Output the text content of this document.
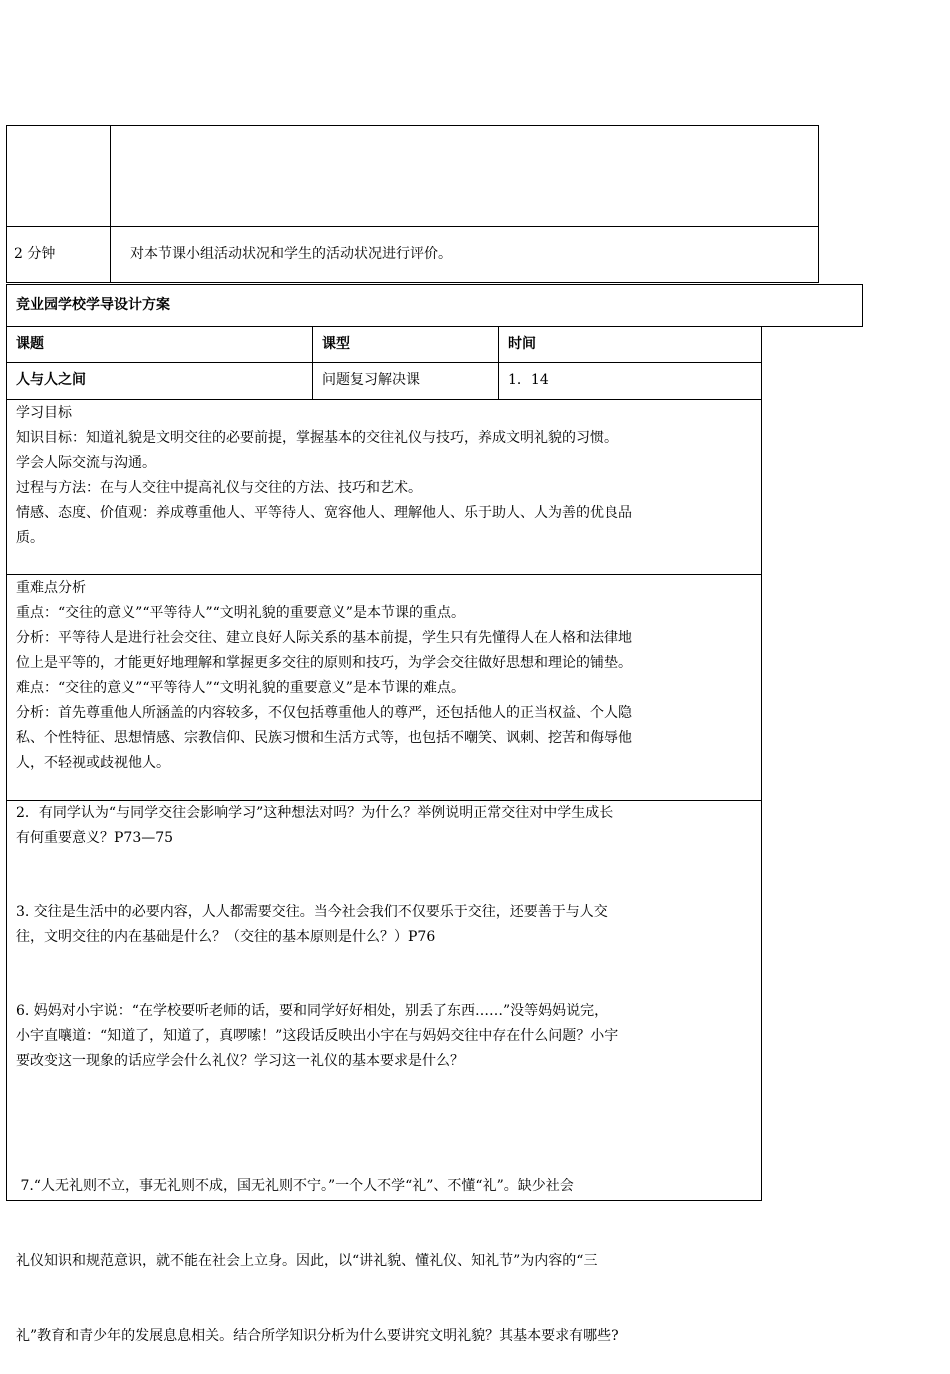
2 分钟	对本节课小组活动状况和学生的活动状况进行评价。
竞业园学校学导设计方案
课题	课型	时间
人与人之间	问题复习解决课	1．14
学习目标
知识目标：知道礼貌是文明交往的必要前提，掌握基本的交往礼仪与技巧，养成文明礼貌的习惯。
学会人际交流与沟通。
过程与方法：在与人交往中提高礼仪与交往的方法、技巧和艺术。
情感、态度、价值观：养成尊重他人、平等待人、宽容他人、理解他人、乐于助人、人为善的优良品
质。
重难点分析
重点：“交往的意义”“平等待人”“文明礼貌的重要意义”是本节课的重点。
分析：平等待人是进行社会交往、建立良好人际关系的基本前提，学生只有先懂得人在人格和法律地
位上是平等的，才能更好地理解和掌握更多交往的原则和技巧，为学会交往做好思想和理论的铺垫。
难点：“交往的意义”“平等待人”“文明礼貌的重要意义”是本节课的难点。
分析：首先尊重他人所涵盖的内容较多，不仅包括尊重他人的尊严，还包括他人的正当权益、个人隐
私、个性特征、思想情感、宗教信仰、民族习惯和生活方式等，也包括不嘲笑、讽刺、挖苦和侮辱他
人，不轻视或歧视他人。
2．有同学认为“与同学交往会影响学习”这种想法对吗？为什么？举例说明正常交往对中学生成长
有何重要意义？P73—75
3. 交往是生活中的必要内容，人人都需要交往。当今社会我们不仅要乐于交往，还要善于与人交
往，文明交往的内在基础是什么？（交往的基本原则是什么？）P76
6. 妈妈对小宇说：“在学校要听老师的话，要和同学好好相处，别丢了东西……”没等妈妈说完，
小宇直嚷道：“知道了，知道了，真啰嗦！”这段话反映出小宇在与妈妈交往中存在什么问题？小宇
要改变这一现象的话应学会什么礼仪？学习这一礼仪的基本要求是什么？

7.“人无礼则不立，事无礼则不成，国无礼则不宁。”一个人不学“礼”、不懂“礼”。缺少社会

礼仪知识和规范意识，就不能在社会上立身。因此，以“讲礼貌、懂礼仪、知礼节”为内容的“三

礼”教育和青少年的发展息息相关。结合所学知识分析为什么要讲究文明礼貌？其基本要求有哪些?
